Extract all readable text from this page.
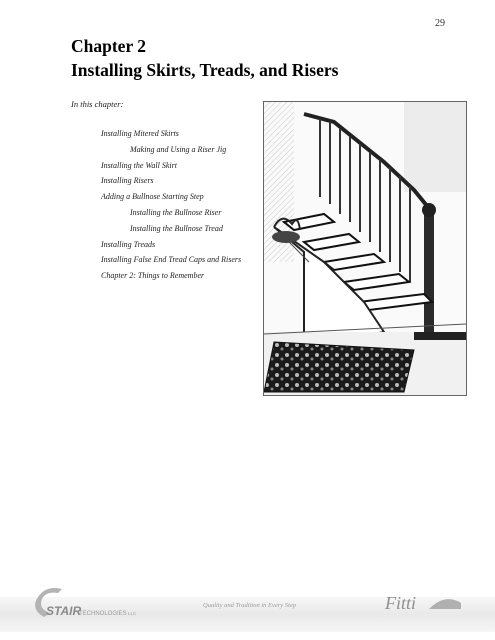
29
Chapter 2
Installing Skirts, Treads, and Risers

In this chapter:

Installing Mitered Skirts
Making and Using a Riser Jig
Installing the Wall Skirt
Installing Risers
Adding a Bullnose Starting Step
Installing the Bullnose Riser
Installing the Bullnose Tread
Installing Treads
Installing False End Tread Caps and Risers
Chapter 2: Things to Remember
STAIR
TECHNOLOGIES LLC
Quality and Tradition in Every Step	Fitti
